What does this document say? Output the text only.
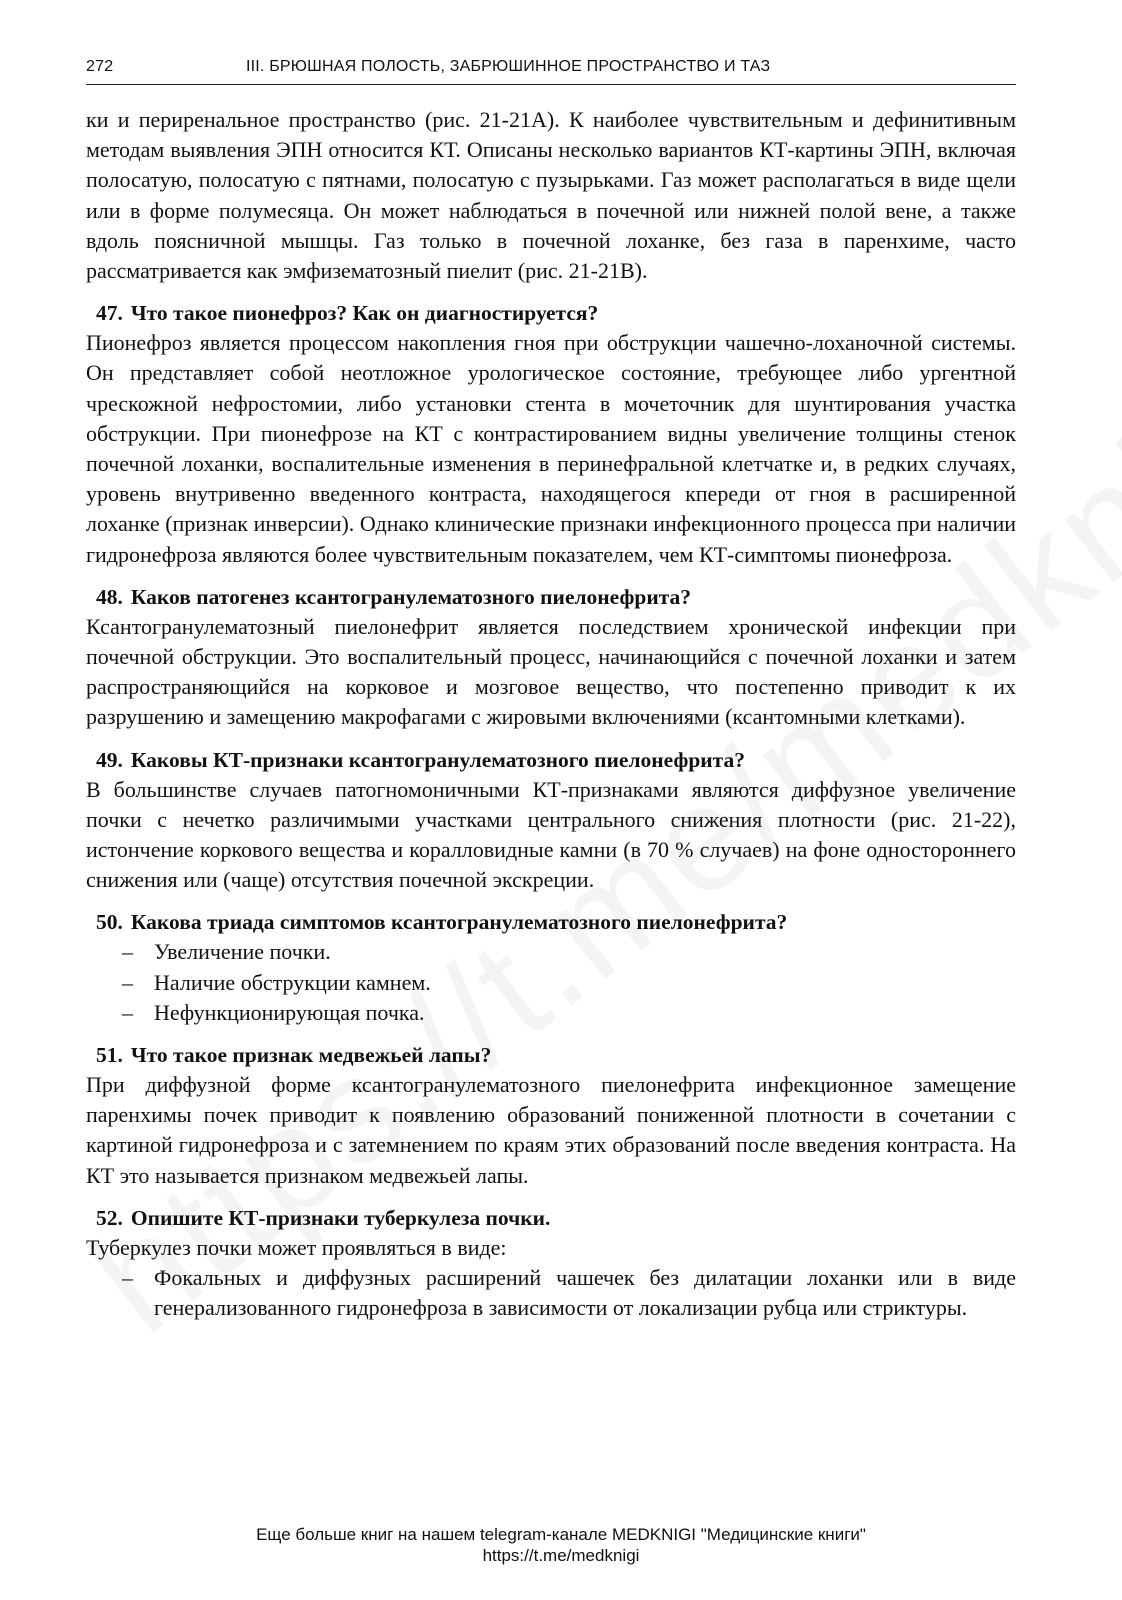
272	III. БРЮШНАЯ ПОЛОСТЬ, ЗАБРЮШИННОЕ ПРОСТРАНСТВО И ТАЗ

ки и периренальное пространство (рис. 21-21А). К наиболее чувствительным и дефинитивным методам выявления ЭПН относится КТ. Описаны несколько вариантов КТ-картины ЭПН, включая полосатую, полосатую с пятнами, полосатую с пузырьками. Газ может располагаться в виде щели или в форме полумесяца. Он может наблюдаться в почечной или нижней полой вене, а также вдоль поясничной мышцы. Газ только в почечной лоханке, без газа в паренхиме, часто рассматривается как эмфизематозный пиелит (рис. 21-21В).

47. Что такое пионефроз? Как он диагностируется?

Пионефроз является процессом накопления гноя при обструкции чашечно-лоханочной системы. Он представляет собой неотложное урологическое состояние, требующее либо ургентной чрескожной нефростомии, либо установки стента в мочеточник для шунтирования участка обструкции. При пионефрозе на КТ с контрастированием видны увеличение толщины стенок почечной лоханки, воспалительные изменения в перинефральной клетчатке и, в редких случаях, уровень внутривенно введенного контраста, находящегося кпереди от гноя в расширенной лоханке (признак инверсии). Однако клинические признаки инфекционного процесса при наличии гидронефроза являются более чувствительным показателем, чем КТ-симптомы пионефроза.

48. Каков патогенез ксантогранулематозного пиелонефрита?

Ксантогранулематозный пиелонефрит является последствием хронической инфекции при почечной обструкции. Это воспалительный процесс, начинающийся с почечной лоханки и затем распространяющийся на корковое и мозговое вещество, что постепенно приводит к их разрушению и замещению макрофагами с жировыми включениями (ксантомными клетками).

49. Каковы КТ-признаки ксантогранулематозного пиелонефрита?

В большинстве случаев патогномоничными КТ-признаками являются диффузное увеличение почки с нечетко различимыми участками центрального снижения плотности (рис. 21-22), истончение коркового вещества и коралловидные камни (в 70 % случаев) на фоне одностороннего снижения или (чаще) отсутствия почечной экскреции.

50. Какова триада симптомов ксантогранулематозного пиелонефрита?
– Увеличение почки.
– Наличие обструкции камнем.
– Нефункционирующая почка.
51. Что такое признак медвежьей лапы?

При диффузной форме ксантогранулематозного пиелонефрита инфекционное замещение паренхимы почек приводит к появлению образований пониженной плотности в сочетании с картиной гидронефроза и с затемнением по краям этих образований после введения контраста. На КТ это называется признаком медвежьей лапы.

52. Опишите КТ-признаки туберкулеза почки.

Туберкулез почки может проявляться в виде:

– Фокальных и диффузных расширений чашечек без дилатации лоханки или в виде генерализованного гидронефроза в зависимости от локализации рубца или стриктуры.
Еще больше книг на нашем telegram-канале MEDKNIGI "Медицинские книги"
https://t.me/medknigi
